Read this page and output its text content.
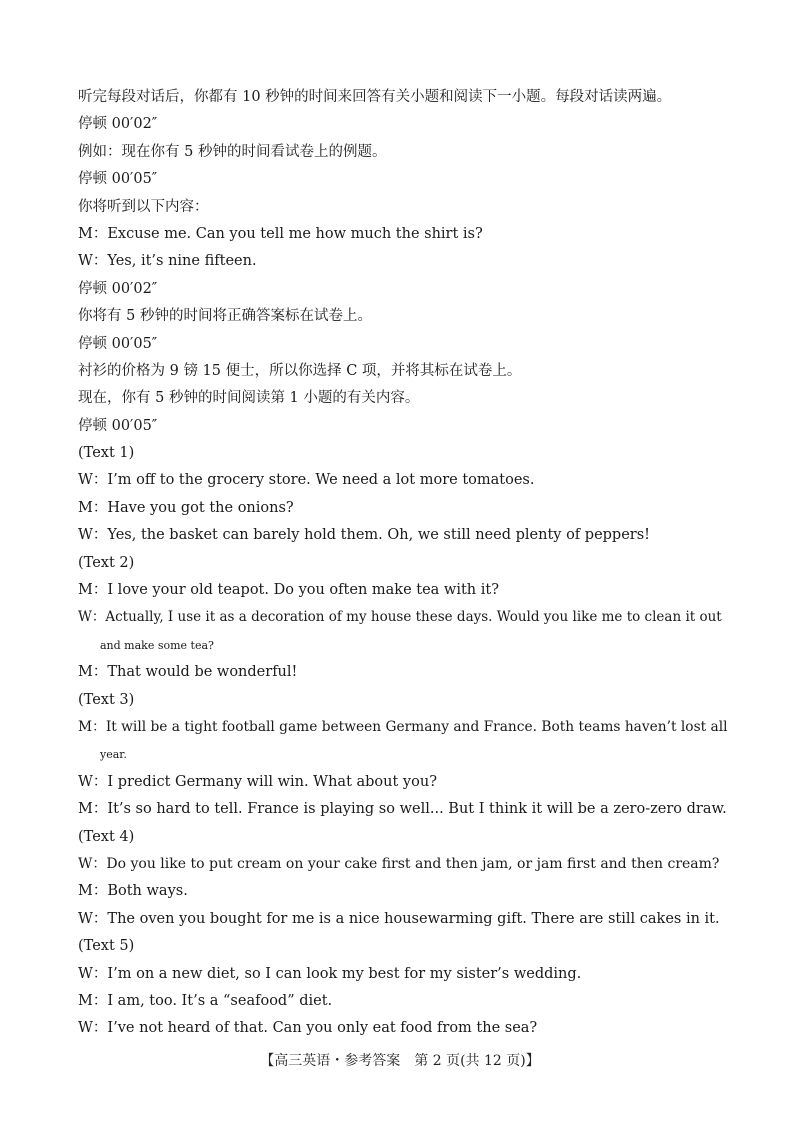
听完每段对话后，你都有 10 秒钟的时间来回答有关小题和阅读下一小题。每段对话读两遍。
停顿 00′02″
例如：现在你有 5 秒钟的时间看试卷上的例题。
停顿 00′05″
你将听到以下内容：
M：Excuse me. Can you tell me how much the shirt is?
W：Yes, it’s nine fifteen.
停顿 00′02″
你将有 5 秒钟的时间将正确答案标在试卷上。
停顿 00′05″
衬衫的价格为 9 镑 15 便士，所以你选择 C 项，并将其标在试卷上。
现在，你有 5 秒钟的时间阅读第 1 小题的有关内容。
停顿 00′05″
(Text 1)
W：I’m off to the grocery store. We need a lot more tomatoes.
M：Have you got the onions?
W：Yes, the basket can barely hold them. Oh, we still need plenty of peppers!
(Text 2)
M：I love your old teapot. Do you often make tea with it?
W：Actually, I use it as a decoration of my house these days. Would you like me to clean it out
and make some tea?
M：That would be wonderful!
(Text 3)
M：It will be a tight football game between Germany and France. Both teams haven’t lost all
year.
W：I predict Germany will win. What about you?
M：It’s so hard to tell. France is playing so well... But I think it will be a zero-zero draw.
(Text 4)
W：Do you like to put cream on your cake first and then jam, or jam first and then cream?
M：Both ways.
W：The oven you bought for me is a nice housewarming gift. There are still cakes in it.
(Text 5)
W：I’m on a new diet, so I can look my best for my sister’s wedding.
M：I am, too. It’s a “seafood” diet.
W：I’ve not heard of that. Can you only eat food from the sea?
【高三英语・参考答案　第 2 页(共 12 页)】
